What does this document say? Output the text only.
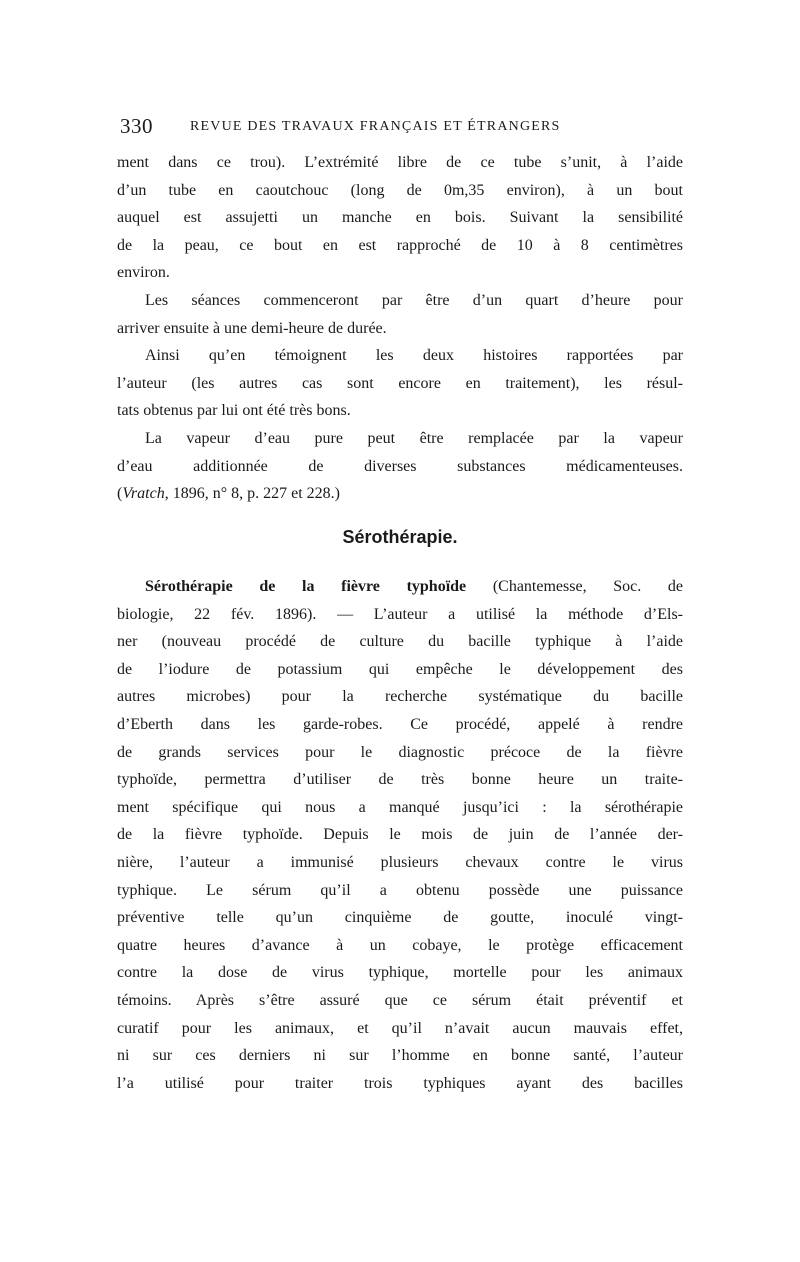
330	REVUE DES TRAVAUX FRANÇAIS ET ÉTRANGERS
ment dans ce trou). L’extrémité libre de ce tube s’unit, à l’aide
d’un tube en caoutchouc (long de 0m,35 environ), à un bout
auquel est assujetti un manche en bois. Suivant la sensibilité
de la peau, ce bout en est rapproché de 10 à 8 centimètres
environ.
Les séances commenceront par être d’un quart d’heure pour
arriver ensuite à une demi-heure de durée.
Ainsi qu’en témoignent les deux histoires rapportées par
l’auteur (les autres cas sont encore en traitement), les résul-
tats obtenus par lui ont été très bons.
La vapeur d’eau pure peut être remplacée par la vapeur
d’eau additionnée de diverses substances médicamenteuses.
(Vratch, 1896, n° 8, p. 227 et 228.)
Sérothérapie.
Sérothérapie de la fièvre typhoïde (Chantemesse, Soc. de
biologie, 22 fév. 1896). — L’auteur a utilisé la méthode d’Els-
ner (nouveau procédé de culture du bacille typhique à l’aide
de l’iodure de potassium qui empêche le développement des
autres microbes) pour la recherche systématique du bacille
d’Eberth dans les garde-robes. Ce procédé, appelé à rendre
de grands services pour le diagnostic précoce de la fièvre
typhoïde, permettra d’utiliser de très bonne heure un traite-
ment spécifique qui nous a manqué jusqu’ici : la sérothérapie
de la fièvre typhoïde. Depuis le mois de juin de l’année der-
nière, l’auteur a immunisé plusieurs chevaux contre le virus
typhique. Le sérum qu’il a obtenu possède une puissance
préventive telle qu’un cinquième de goutte, inoculé vingt-
quatre heures d’avance à un cobaye, le protège efficacement
contre la dose de virus typhique, mortelle pour les animaux
témoins. Après s’être assuré que ce sérum était préventif et
curatif pour les animaux, et qu’il n’avait aucun mauvais effet,
ni sur ces derniers ni sur l’homme en bonne santé, l’auteur
l’a utilisé pour traiter trois typhiques ayant des bacilles
